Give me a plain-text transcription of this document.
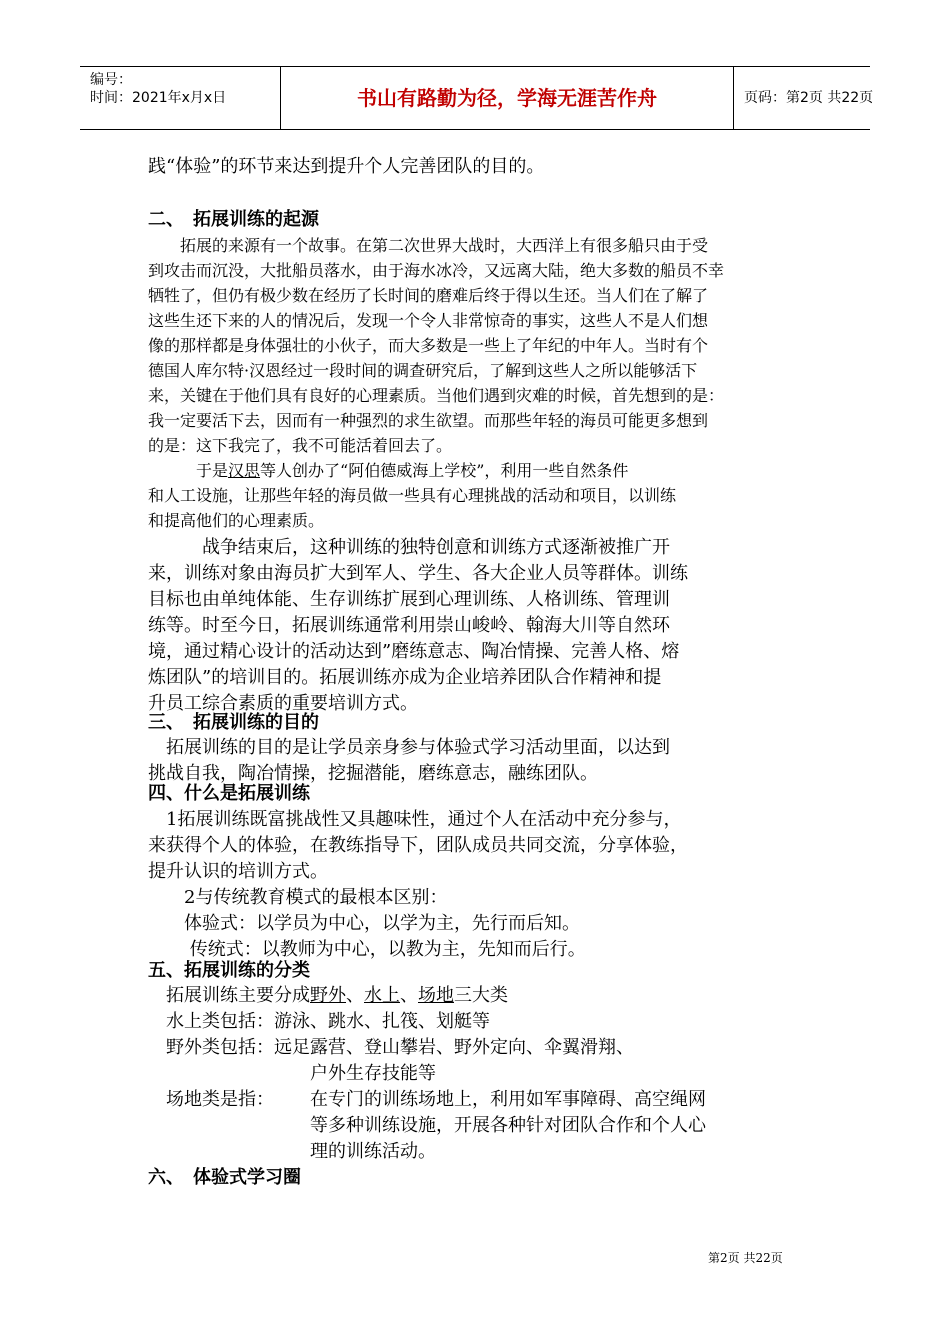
编号：
时间：2021年x月x日	书山有路勤为径，学海无涯苦作舟	页码：第2页 共22页
践“体验”的环节来达到提升个人完善团队的目的。
二、　拓展训练的起源
　　拓展的来源有一个故事。在第二次世界大战时，大西洋上有很多船只由于受
到攻击而沉没，大批船员落水，由于海水冰冷，又远离大陆，绝大多数的船员不幸
牺牲了，但仍有极少数在经历了长时间的磨难后终于得以生还。当人们在了解了
这些生还下来的人的情况后，发现一个令人非常惊奇的事实，这些人不是人们想
像的那样都是身体强壮的小伙子，而大多数是一些上了年纪的中年人。当时有个
德国人库尔特·汉恩经过一段时间的调查研究后，了解到这些人之所以能够活下
来，关键在于他们具有良好的心理素质。当他们遇到灾难的时候，首先想到的是：
我一定要活下去，因而有一种强烈的求生欲望。而那些年轻的海员可能更多想到
的是：这下我完了，我不可能活着回去了。
　　　于是汉思等人创办了“阿伯德威海上学校”，利用一些自然条件
和人工设施，让那些年轻的海员做一些具有心理挑战的活动和项目，以训练
和提高他们的心理素质。
　　　战争结束后，这种训练的独特创意和训练方式逐渐被推广开
来，训练对象由海员扩大到军人、学生、各大企业人员等群体。训练
目标也由单纯体能、生存训练扩展到心理训练、人格训练、管理训
练等。时至今日，拓展训练通常利用崇山峻岭、翰海大川等自然环
境，通过精心设计的活动达到”磨练意志、陶冶情操、完善人格、熔
炼团队”的培训目的。拓展训练亦成为企业培养团队合作精神和提
升员工综合素质的重要培训方式。
三、　拓展训练的目的
　拓展训练的目的是让学员亲身参与体验式学习活动里面，以达到
挑战自我，陶冶情操，挖掘潜能，磨练意志，融练团队。
四、什么是拓展训练
　1拓展训练既富挑战性又具趣味性，通过个人在活动中充分参与，
来获得个人的体验，在教练指导下，团队成员共同交流，分享体验，
提升认识的培训方式。
　　2与传统教育模式的最根本区别：
　　体验式：以学员为中心，以学为主，先行而后知。
　　 传统式：以教师为中心，以教为主，先知而后行。
五、拓展训练的分类
　拓展训练主要分成野外、水上、场地三大类
　水上类包括：游泳、跳水、扎筏、划艇等
　野外类包括：远足露营、登山攀岩、野外定向、伞翼滑翔、
户外生存技能等
　场地类是指： 在专门的训练场地上，利用如军事障碍、高空绳网
等多种训练设施，开展各种针对团队合作和个人心
理的训练活动。
六、　体验式学习圈
第2页 共22页
